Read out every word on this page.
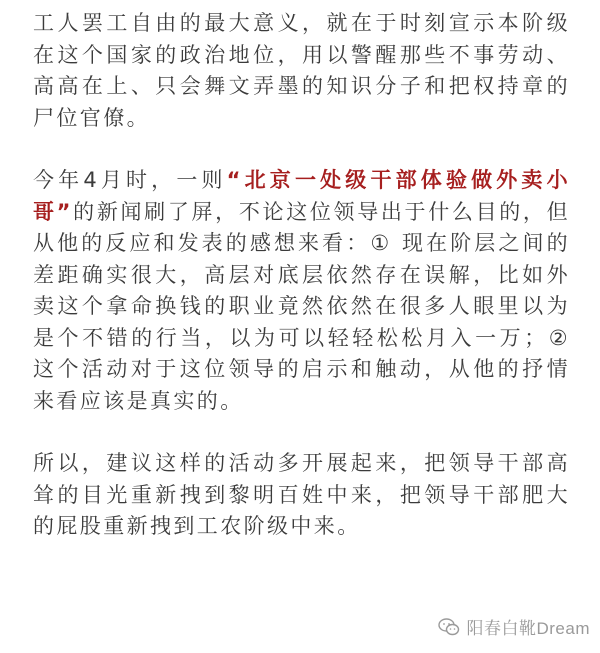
工人罢工自由的最大意义，就在于时刻宣示本阶级在这个国家的政治地位，用以警醒那些不事劳动、高高在上、只会舞文弄墨的知识分子和把权持章的尸位官僚。

今年4月时，一则“北京一处级干部体验做外卖小哥”的新闻刷了屏，不论这位领导出于什么目的，但从他的反应和发表的感想来看：① 现在阶层之间的差距确实很大，高层对底层依然存在误解，比如外卖这个拿命换钱的职业竟然依然在很多人眼里以为是个不错的行当，以为可以轻轻松松月入一万；② 这个活动对于这位领导的启示和触动，从他的抒情来看应该是真实的。

所以，建议这样的活动多开展起来，把领导干部高耸的目光重新拽到黎明百姓中来，把领导干部肥大的屁股重新拽到工农阶级中来。

阳春白靴Dream
